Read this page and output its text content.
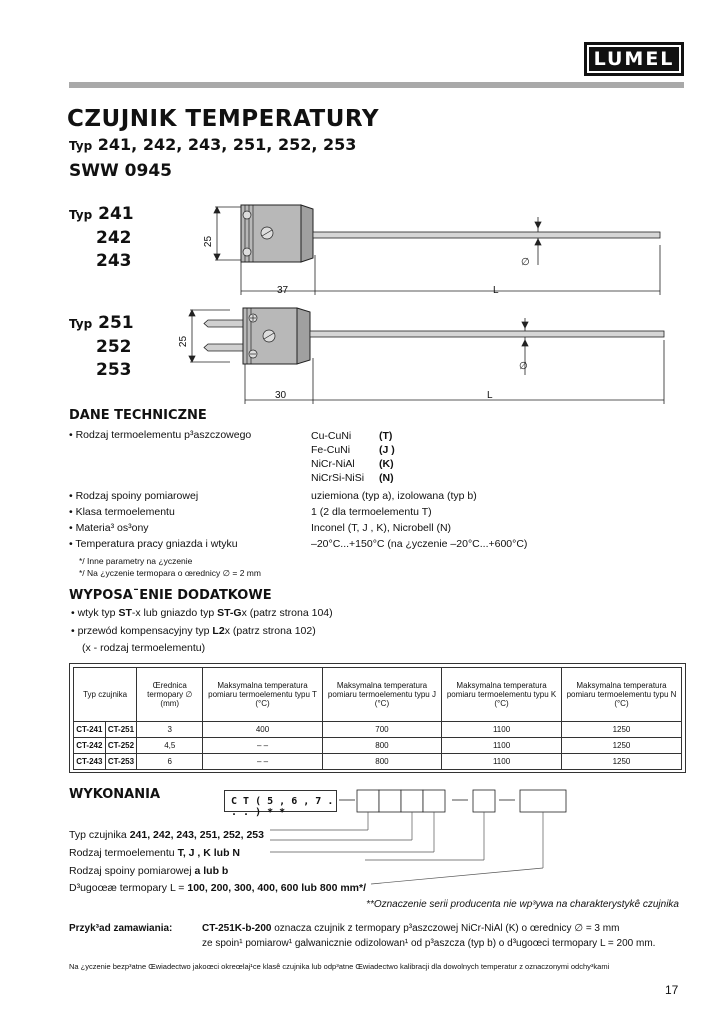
LUMEL
CZUJNIK TEMPERATURY
Typ 241, 242, 243, 251, 252, 253
SWW 0945
Typ 241
242
243
25
37	L
∅
Typ 251
252
253
25
30	L
∅
DANE TECHNICZNE
• Rodzaj termoelementu p³aszczowego	Cu-CuNi	(T)
Fe-CuNi	(J )
NiCr-NiAl (K)
NiCrSi-NiSi (N)
• Rodzaj spoiny pomiarowej	uziemiona (typ a), izolowana (typ b)
• Klasa termoelementu	1 (2 dla termoelementu T)
• Materia³ os³ony	Inconel (T, J , K), Nicrobell (N)
• Temperatura pracy gniazda i wtyku	–20°C...+150°C (na ¿yczenie –20°C...+600°C)
*/ Inne parametry na ¿yczenie
*/ Na ¿yczenie termopara o œrednicy ∅ = 2 mm
WYPOSA¯ENIE DODATKOWE
• wtyk typ ST-x lub gniazdo typ ST-Gx (patrz strona 104)
• przewód kompensacyjny typ L2x (patrz strona 102)
(x - rodzaj termoelementu)
Typ czujnika		Œrednica termopary ∅ (mm)	Maksymalna temperatura pomiaru termoelementu typu T (°C)	Maksymalna temperatura pomiaru termoelementu typu J (°C)	Maksymalna temperatura pomiaru termoelementu typu K (°C)	Maksymalna temperatura pomiaru termoelementu typu N (°C)
CT-241	CT-251	3	400	700	1100	1250
CT-242	CT-252	4,5	– –	800	1100	1250
CT-243	CT-253	6	– –	800	1100	1250
WYKONANIA	C T ( 5 , 6 , 7 . . . ) * *
Typ czujnika 241, 242, 243, 251, 252, 253
Rodzaj termoelementu T, J , K lub N
Rodzaj spoiny pomiarowej a lub b
D³ugoœæ termopary L = 100, 200, 300, 400, 600 lub 800 mm*/
**Oznaczenie serii producenta nie wp³ywa na charakterystykê czujnika
Przyk³ad zamawiania:	CT-251K-b-200 oznacza czujnik z termopary p³aszczowej NiCr-NiAl (K) o œrednicy ∅ = 3 mm
ze spoin¹ pomiarow¹ galwanicznie odizolowan¹ od p³aszcza (typ b) o d³ugoœci termopary L = 200 mm.
Na ¿yczenie bezp³atne Œwiadectwo jakoœci okreœlaj¹ce klasê czujnika lub odp³atne Œwiadectwo kalibracji dla dowolnych temperatur z oznaczonymi odchy³kami
17
